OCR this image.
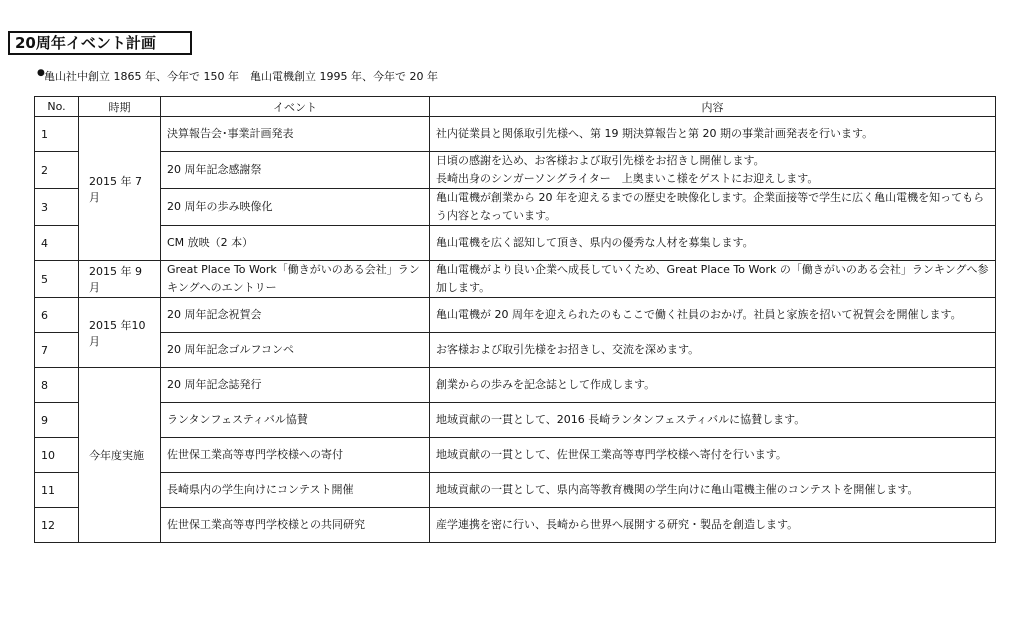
20周年イベント計画
● 亀山社中創立 1865 年、今年で 150 年　亀山電機創立 1995 年、今年で 20 年
No.	時期	イベント	内容
1	2015 年 7 月	決算報告会･事業計画発表	社内従業員と関係取引先様へ、第 19 期決算報告と第 20 期の事業計画発表を行います。
2		20 周年記念感謝祭	日頃の感謝を込め、お客様および取引先様をお招きし開催します。
長崎出身のシンガーソングライター　上奥まいこ様をゲストにお迎えします。
3		20 周年の歩み映像化	亀山電機が創業から 20 年を迎えるまでの歴史を映像化します。企業面接等で学生に広く亀山電機を知ってもらう内容となっています。
4		CM 放映（2 本）	亀山電機を広く認知して頂き、県内の優秀な人材を募集します。
5	2015 年 9 月	Great Place To Work「働きがいのある会社」ランキングへのエントリー	亀山電機がより良い企業へ成長していくため、Great Place To Work の「働きがいのある会社」ランキングへ参加します。
6	2015 年10月	20 周年記念祝賀会	亀山電機が 20 周年を迎えられたのもここで働く社員のおかげ。社員と家族を招いて祝賀会を開催します。
7		20 周年記念ゴルフコンペ	お客様および取引先様をお招きし、交流を深めます。
8	今年度実施	20 周年記念誌発行	創業からの歩みを記念誌として作成します。
9		ランタンフェスティバル協賛	地域貢献の一貫として、2016 長崎ランタンフェスティバルに協賛します。
10		佐世保工業高等専門学校様への寄付	地域貢献の一貫として、佐世保工業高等専門学校様へ寄付を行います。
11		長崎県内の学生向けにコンテスト開催	地域貢献の一貫として、県内高等教育機関の学生向けに亀山電機主催のコンテストを開催します。
12		佐世保工業高等専門学校様との共同研究	産学連携を密に行い、長崎から世界へ展開する研究・製品を創造します。
